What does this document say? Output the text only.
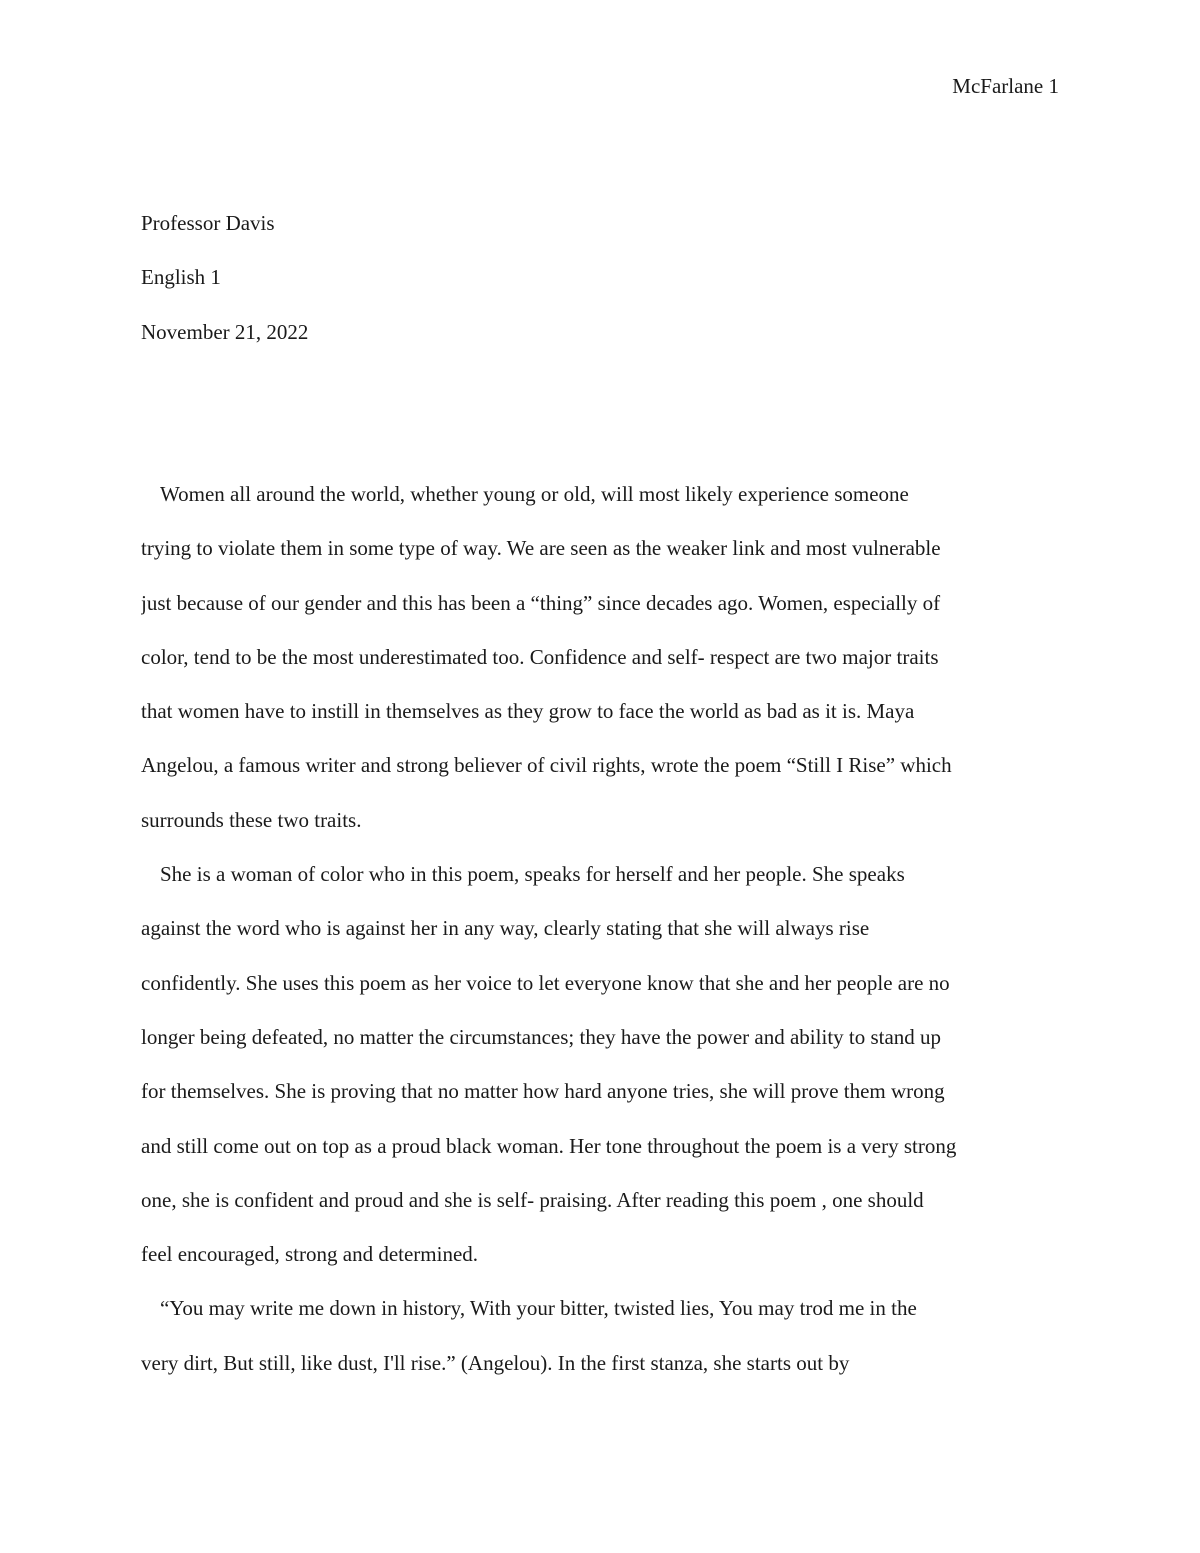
McFarlane 1

Professor Davis

English 1

November 21, 2022

Women all around the world, whether young or old, will most likely experience someone

trying to violate them in some type of way. We are seen as the weaker link and most vulnerable

just because of our gender and this has been a “thing” since decades ago. Women, especially of

color, tend to be the most underestimated too. Confidence and self- respect are two major traits

that women have to instill in themselves as they grow to face the world as bad as it is. Maya

Angelou, a famous writer and strong believer of civil rights, wrote the poem “Still I Rise” which

surrounds these two traits.

She is a woman of color who in this poem, speaks for herself and her people. She speaks

against the word who is against her in any way, clearly stating that she will always rise

confidently. She uses this poem as her voice to let everyone know that she and her people are no

longer being defeated, no matter the circumstances; they have the power and ability to stand up

for themselves. She is proving that no matter how hard anyone tries, she will prove them wrong

and still come out on top as a proud black woman. Her tone throughout the poem is a very strong

one, she is confident and proud and she is self- praising. After reading this poem , one should

feel encouraged, strong and determined.

“You may write me down in history, With your bitter, twisted lies, You may trod me in the

very dirt, But still, like dust, I'll rise.” (Angelou). In the first stanza, she starts out by
